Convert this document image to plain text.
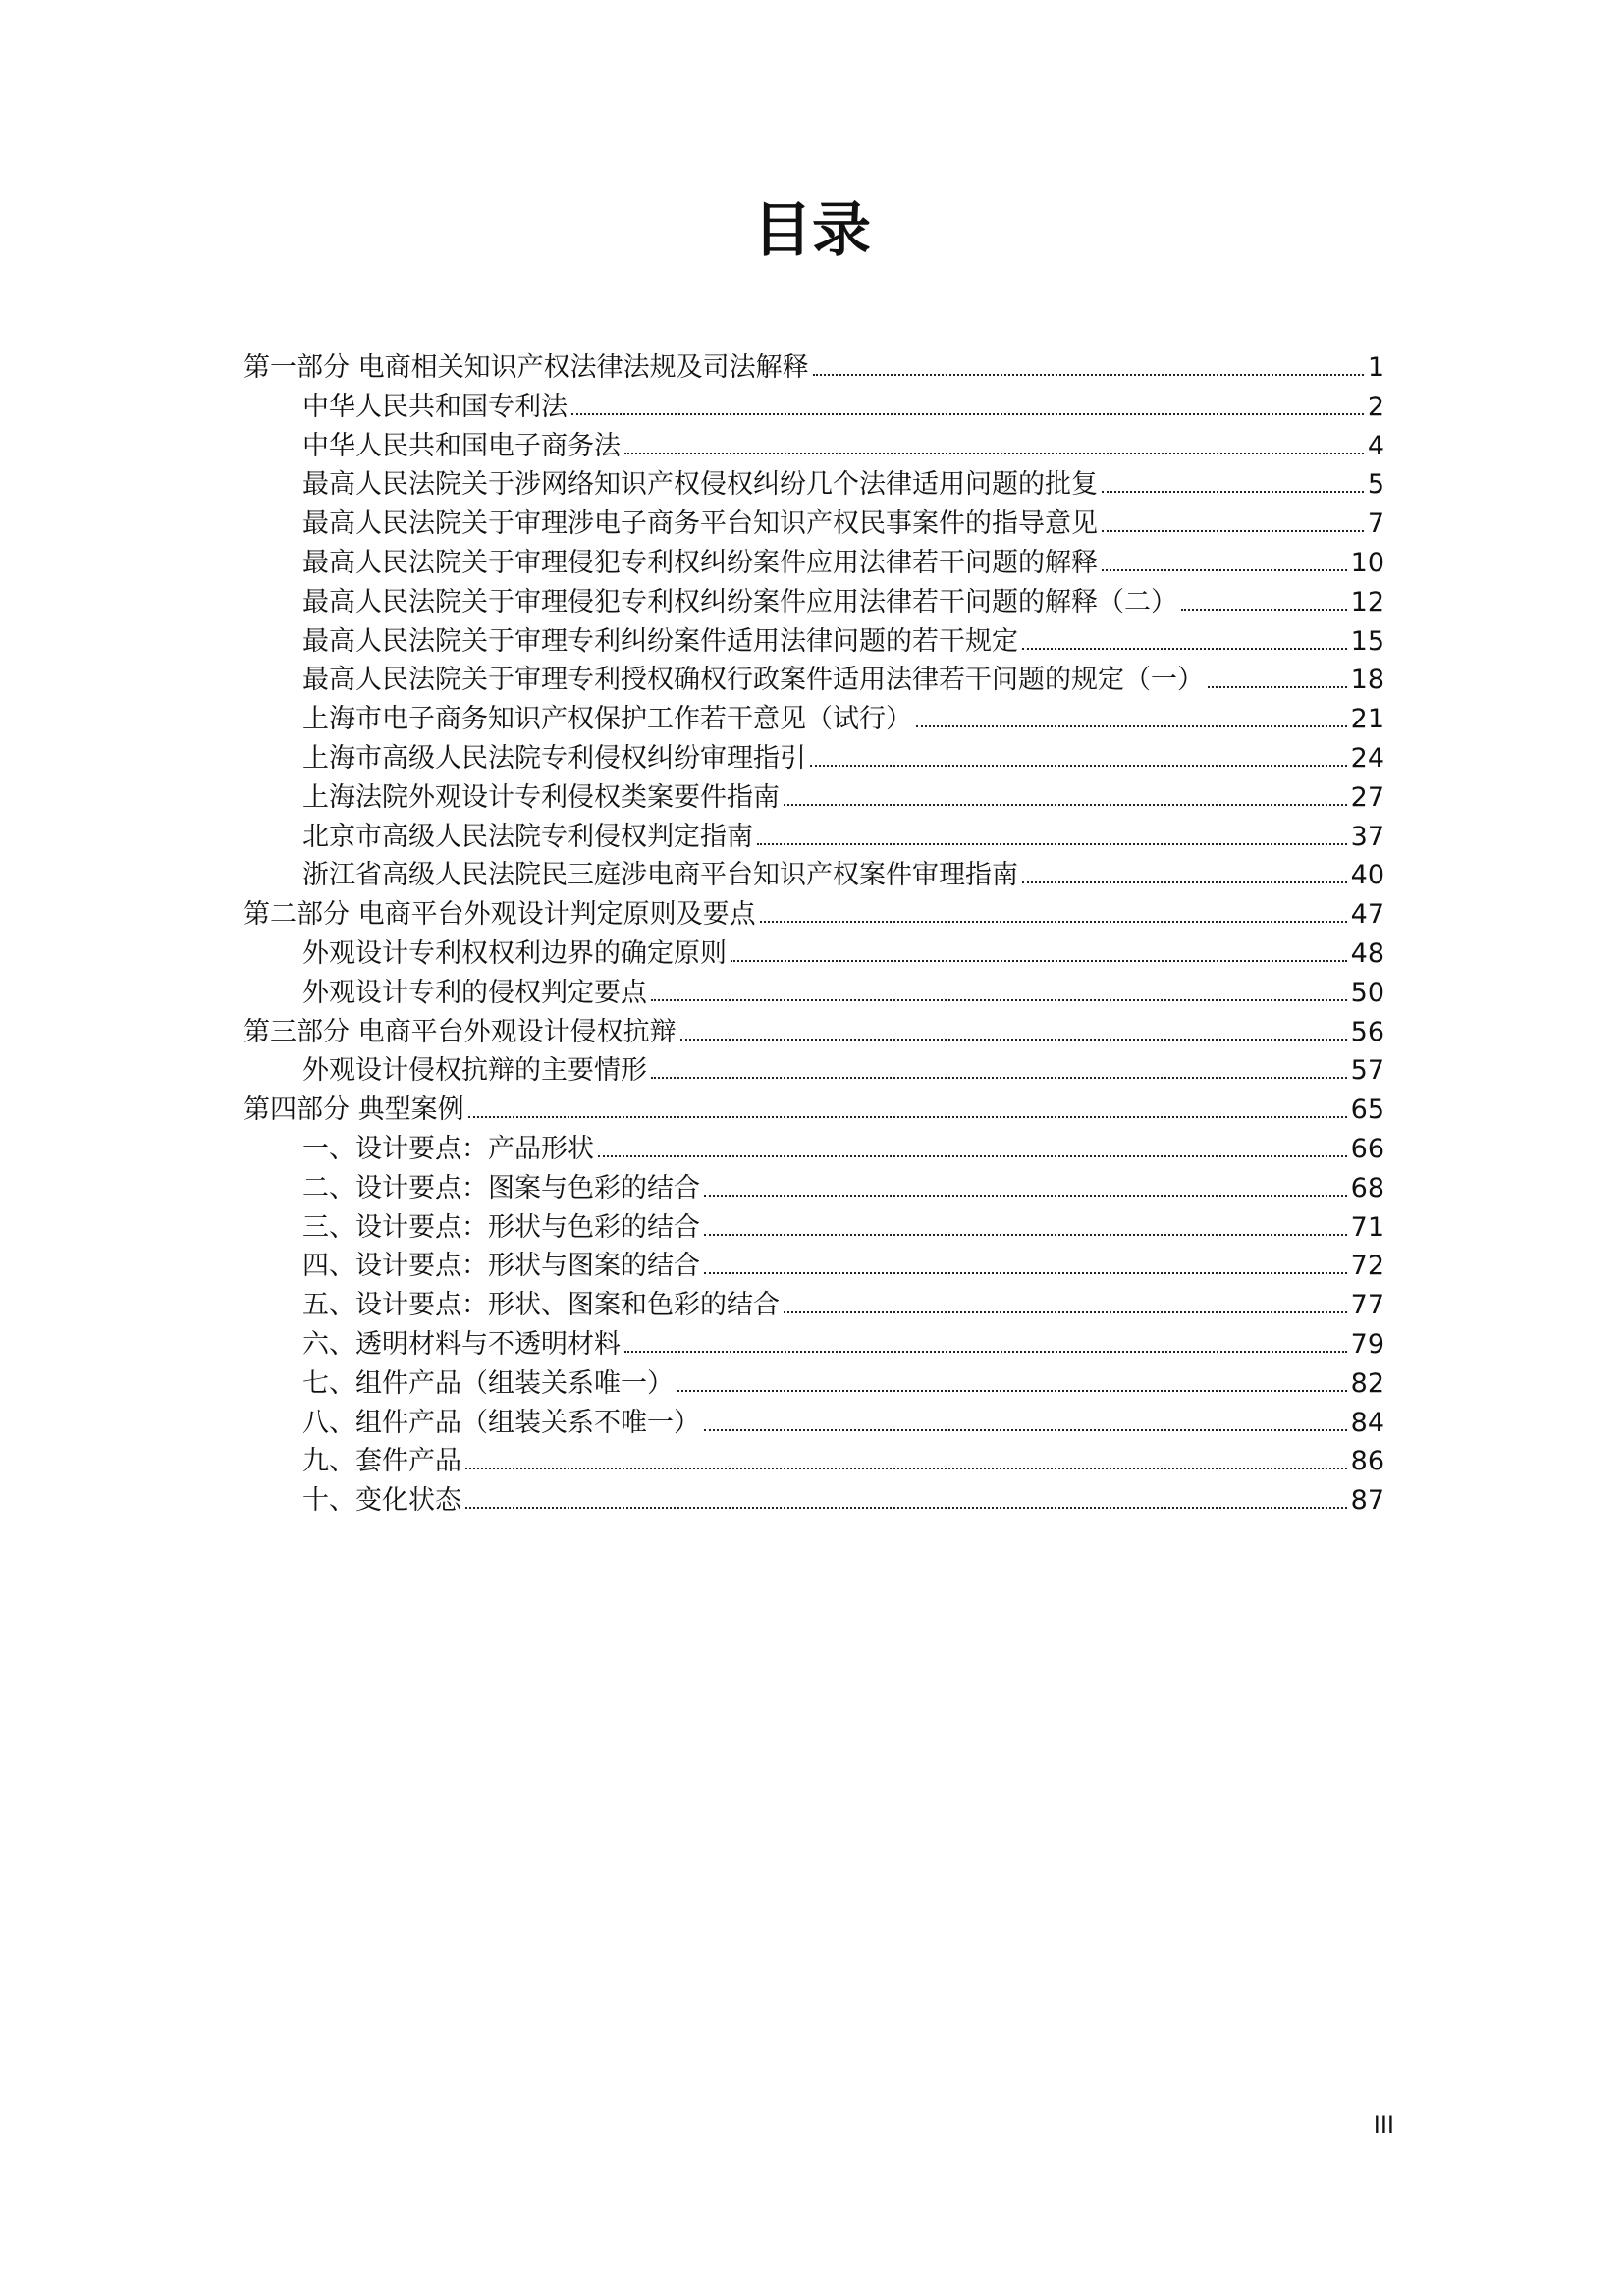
目录
第一部分 电商相关知识产权法律法规及司法解释	1
中华人民共和国专利法	2
中华人民共和国电子商务法	4
最高人民法院关于涉网络知识产权侵权纠纷几个法律适用问题的批复	5
最高人民法院关于审理涉电子商务平台知识产权民事案件的指导意见	7
最高人民法院关于审理侵犯专利权纠纷案件应用法律若干问题的解释	10
最高人民法院关于审理侵犯专利权纠纷案件应用法律若干问题的解释（二）	12
最高人民法院关于审理专利纠纷案件适用法律问题的若干规定	15
最高人民法院关于审理专利授权确权行政案件适用法律若干问题的规定（一）	18
上海市电子商务知识产权保护工作若干意见（试行）	21
上海市高级人民法院专利侵权纠纷审理指引	24
上海法院外观设计专利侵权类案要件指南	27
北京市高级人民法院专利侵权判定指南	37
浙江省高级人民法院民三庭涉电商平台知识产权案件审理指南	40
第二部分 电商平台外观设计判定原则及要点	47
外观设计专利权权利边界的确定原则	48
外观设计专利的侵权判定要点	50
第三部分 电商平台外观设计侵权抗辩	56
外观设计侵权抗辩的主要情形	57
第四部分 典型案例	65
一、设计要点：产品形状	66
二、设计要点：图案与色彩的结合	68
三、设计要点：形状与色彩的结合	71
四、设计要点：形状与图案的结合	72
五、设计要点：形状、图案和色彩的结合	77
六、透明材料与不透明材料	79
七、组件产品（组装关系唯一）	82
八、组件产品（组装关系不唯一）	84
九、套件产品	86
十、变化状态	87
III
